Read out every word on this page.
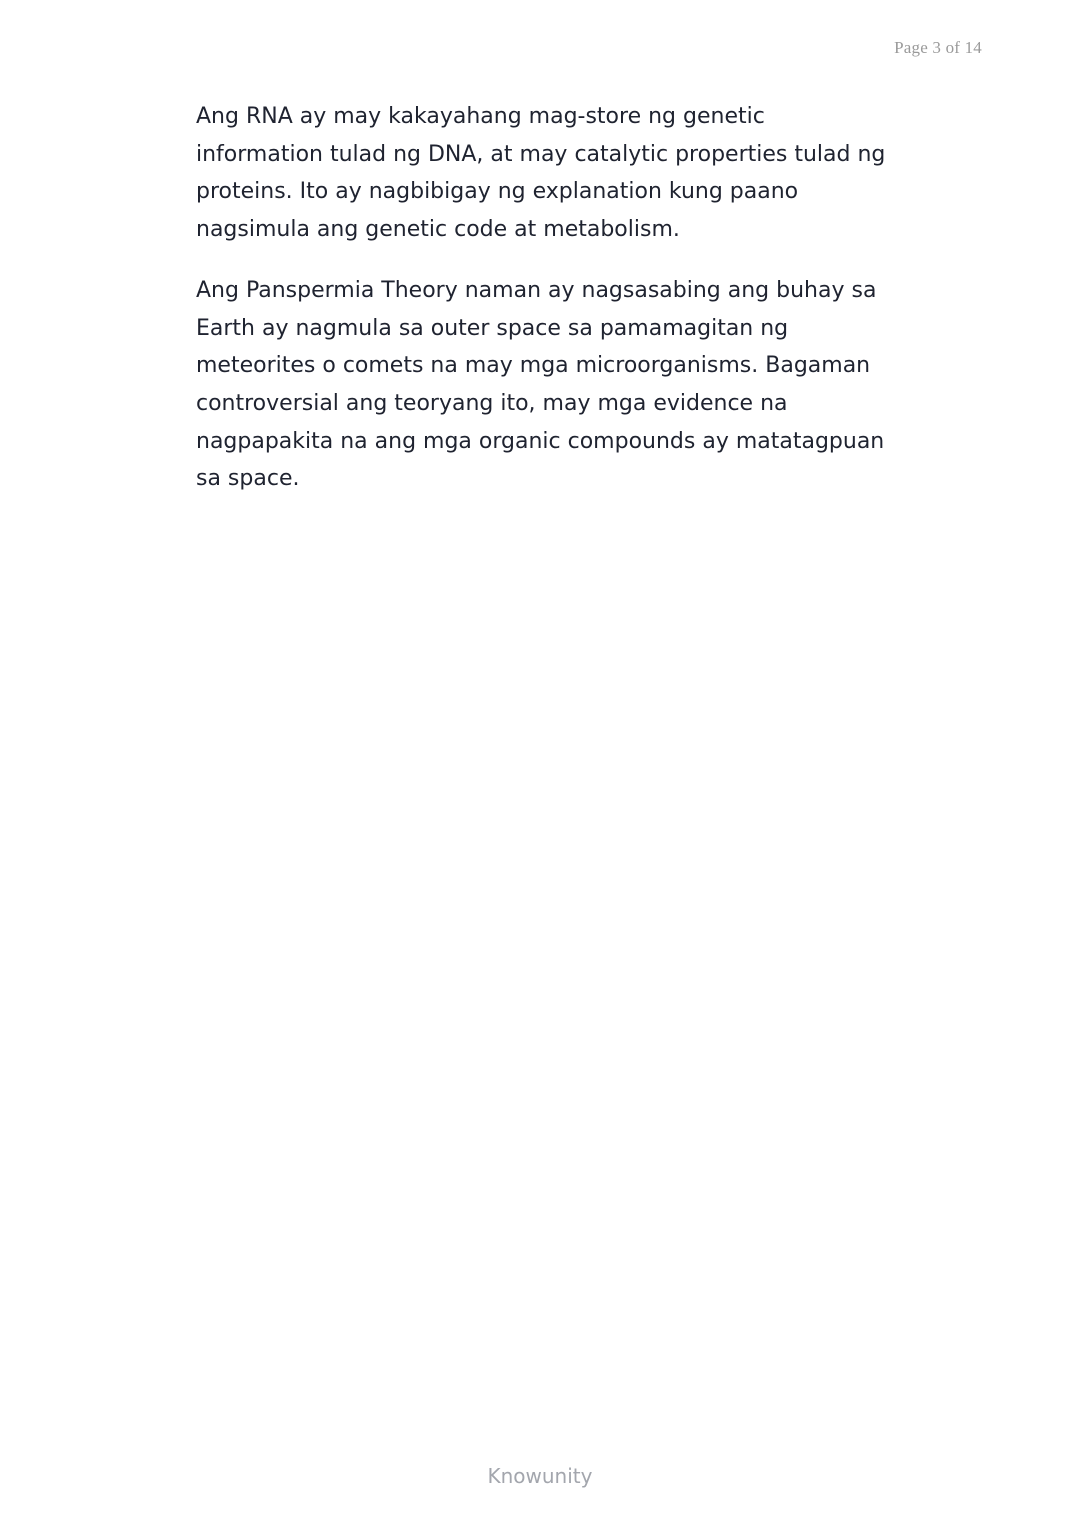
Page 3 of 14

Ang RNA ay may kakayahang mag-store ng genetic information tulad ng DNA, at may catalytic properties tulad ng proteins. Ito ay nagbibigay ng explanation kung paano nagsimula ang genetic code at metabolism.

Ang Panspermia Theory naman ay nagsasabing ang buhay sa Earth ay nagmula sa outer space sa pamamagitan ng meteorites o comets na may mga microorganisms. Bagaman controversial ang teoryang ito, may mga evidence na nagpapakita na ang mga organic compounds ay matatagpuan sa space.

Knowunity
